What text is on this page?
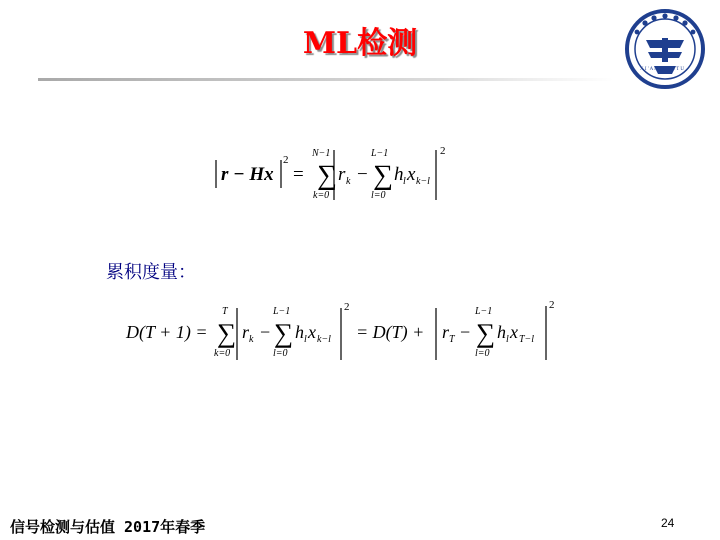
ML检测
X I ' A N	J T U
r − Hx
2
= ∑
N−1
k=0
r k − ∑
L−1
l=0
h l x k−l
2
累积度量：
D(T + 1) = ∑
T
k=0
r k − ∑
L−1
l=0
h l x k−l
2
= D(T) + r T − ∑
L−1
l=0
h l x T−l
2
信号检测与估值 2017年春季	24
